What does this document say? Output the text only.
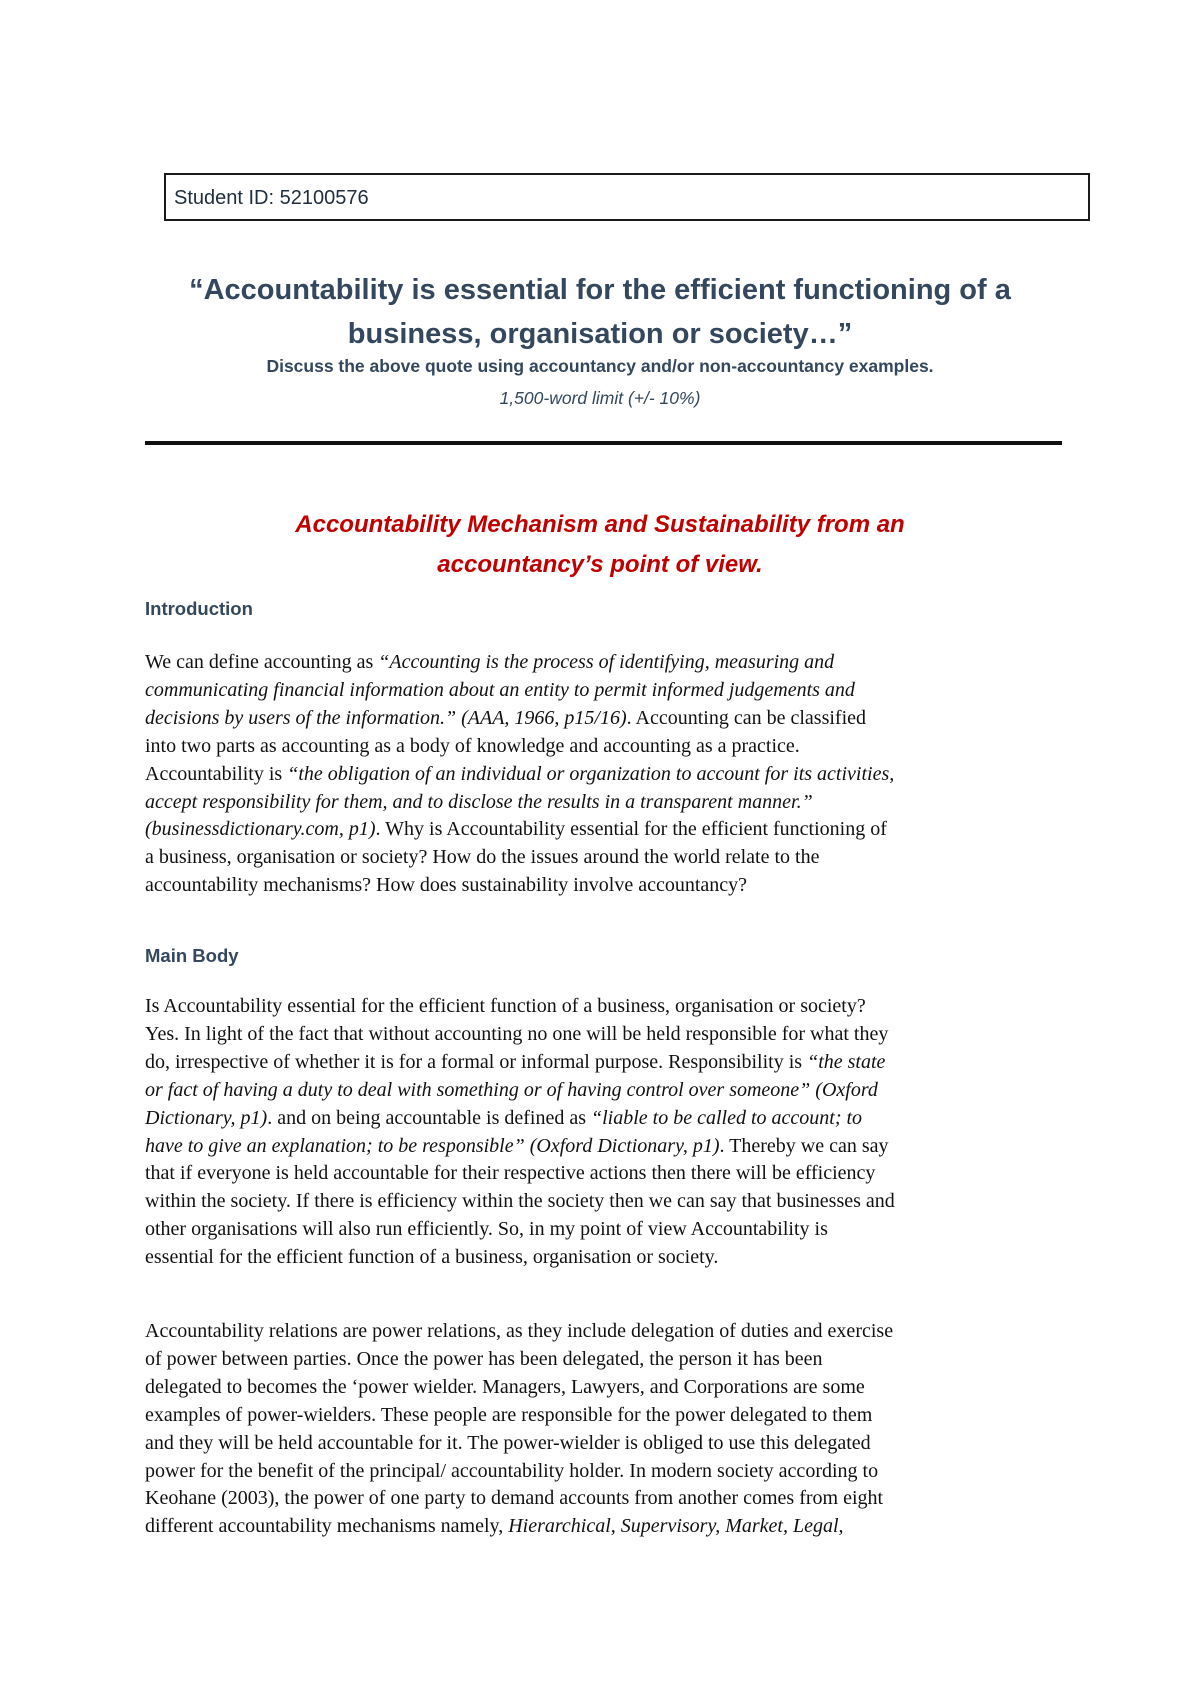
Student ID: 52100576
“Accountability is essential for the efficient functioning of a
business, organisation or society…”
Discuss the above quote using accountancy and/or non-accountancy examples.
1,500-word limit (+/- 10%)
Accountability Mechanism and Sustainability from an
accountancy’s point of view.
Introduction
We can define accounting as “Accounting is the process of identifying, measuring and
communicating financial information about an entity to permit informed judgements and
decisions by users of the information.” (AAA, 1966, p15/16). Accounting can be classified
into two parts as accounting as a body of knowledge and accounting as a practice.
Accountability is “the obligation of an individual or organization to account for its activities,
accept responsibility for them, and to disclose the results in a transparent manner.”
(businessdictionary.com, p1). Why is Accountability essential for the efficient functioning of
a business, organisation or society? How do the issues around the world relate to the
accountability mechanisms? How does sustainability involve accountancy?
Main Body
Is Accountability essential for the efficient function of a business, organisation or society?
Yes. In light of the fact that without accounting no one will be held responsible for what they
do, irrespective of whether it is for a formal or informal purpose. Responsibility is “the state
or fact of having a duty to deal with something or of having control over someone” (Oxford
Dictionary, p1). and on being accountable is defined as “liable to be called to account; to
have to give an explanation; to be responsible” (Oxford Dictionary, p1). Thereby we can say
that if everyone is held accountable for their respective actions then there will be efficiency
within the society. If there is efficiency within the society then we can say that businesses and
other organisations will also run efficiently. So, in my point of view Accountability is
essential for the efficient function of a business, organisation or society.
Accountability relations are power relations, as they include delegation of duties and exercise
of power between parties. Once the power has been delegated, the person it has been
delegated to becomes the ‘power wielder. Managers, Lawyers, and Corporations are some
examples of power-wielders. These people are responsible for the power delegated to them
and they will be held accountable for it. The power-wielder is obliged to use this delegated
power for the benefit of the principal/ accountability holder. In modern society according to
Keohane (2003), the power of one party to demand accounts from another comes from eight
different accountability mechanisms namely, Hierarchical, Supervisory, Market, Legal,
